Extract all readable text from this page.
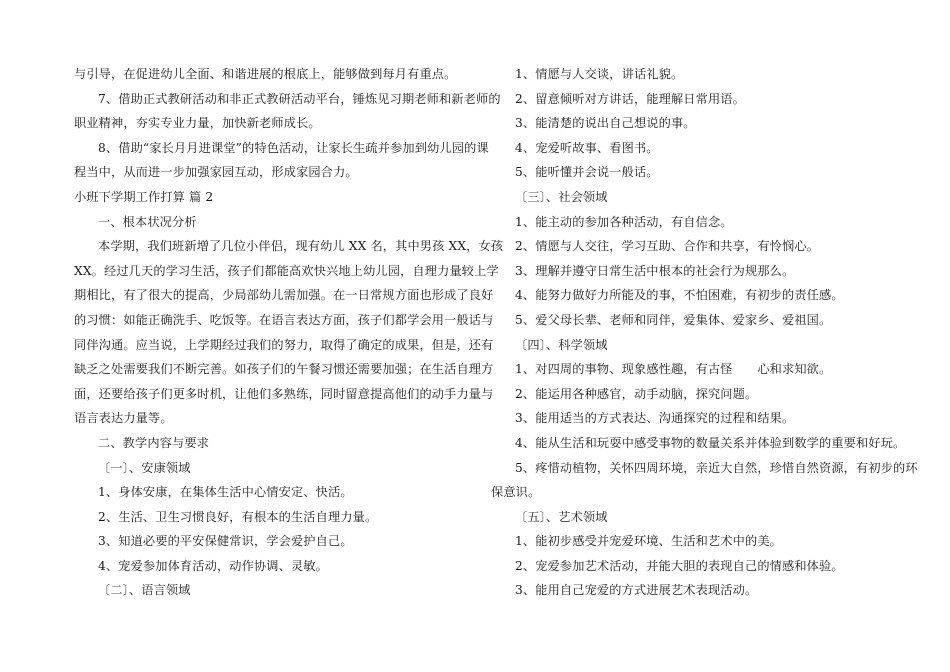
与引导，在促进幼儿全面、和谐进展的根底上，能够做到每月有重点。
7、借助正式教研活动和非正式教研活动平台，锤炼见习期老师和新老师的
职业精神，夯实专业力量，加快新老师成长。
8、借助“家长月月进课堂”的特色活动，让家长生疏并参加到幼儿园的课
程当中，从而进一步加强家园互动，形成家园合力。
小班下学期工作打算 篇 2
一、根本状况分析
本学期，我们班新增了几位小伴侣，现有幼儿 XX 名，其中男孩 XX，女孩
XX。经过几天的学习生活，孩子们都能高欢快兴地上幼儿园，自理力量较上学
期相比，有了很大的提高，少局部幼儿需加强。在一日常规方面也形成了良好
的习惯：如能正确洗手、吃饭等。在语言表达方面，孩子们都学会用一般话与
同伴沟通。应当说，上学期经过我们的努力，取得了确定的成果，但是，还有
缺乏之处需要我们不断完善。如孩子们的午餐习惯还需要加强；在生活自理方
面，还要给孩子们更多时机，让他们多熟练，同时留意提高他们的动手力量与
语言表达力量等。
二、教学内容与要求
〔一〕、安康领域
1、身体安康，在集体生活中心情安定、快活。
2、生活、卫生习惯良好，有根本的生活自理力量。
3、知道必要的平安保健常识，学会爱护自己。
4、宠爱参加体育活动，动作协调、灵敏。
〔二〕、语言领域
1、情愿与人交谈，讲话礼貌。
2、留意倾听对方讲话，能理解日常用语。
3、能清楚的说出自己想说的事。
4、宠爱听故事、看图书。
5、能听懂并会说一般话。
〔三〕、社会领域
1、能主动的参加各种活动，有自信念。
2、情愿与人交往，学习互助、合作和共享，有怜悯心。
3、理解并遵守日常生活中根本的社会行为规那么。
4、能努力做好力所能及的事，不怕困难，有初步的责任感。
5、爱父母长辈、老师和同伴，爱集体、爱家乡、爱祖国。
〔四〕、科学领域
1、对四周的事物、现象感性趣，有古怪　　心和求知欲。
2、能运用各种感官，动手动脑，探究问题。
3、能用适当的方式表达、沟通探究的过程和结果。
4、能从生活和玩耍中感受事物的数量关系并体验到数学的重要和好玩。
5、疼惜动植物，关怀四周环境，亲近大自然，珍惜自然资源，有初步的环
保意识。
〔五〕、艺术领域
1、能初步感受并宠爱环境、生活和艺术中的美。
2、宠爱参加艺术活动，并能大胆的表现自己的情感和体验。
3、能用自己宠爱的方式进展艺术表现活动。
